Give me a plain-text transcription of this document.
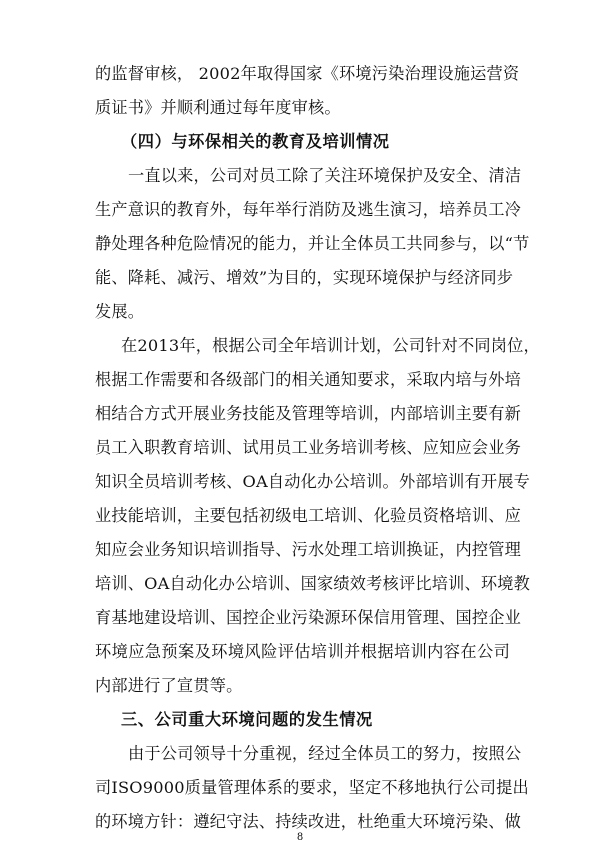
的监督审核， 2002年取得国家《环境污染治理设施运营资
质证书》并顺利通过每年度审核。
（四）与环保相关的教育及培训情况
一直以来，公司对员工除了关注环境保护及安全、清洁
生产意识的教育外，每年举行消防及逃生演习，培养员工冷
静处理各种危险情况的能力，并让全体员工共同参与，以“节
能、降耗、减污、增效”为目的，实现环境保护与经济同步
发展。
在2013年，根据公司全年培训计划，公司针对不同岗位，
根据工作需要和各级部门的相关通知要求，采取内培与外培
相结合方式开展业务技能及管理等培训，内部培训主要有新
员工入职教育培训、试用员工业务培训考核、应知应会业务
知识全员培训考核、OA自动化办公培训。外部培训有开展专
业技能培训，主要包括初级电工培训、化验员资格培训、应
知应会业务知识培训指导、污水处理工培训换证，内控管理
培训、OA自动化办公培训、国家绩效考核评比培训、环境教
育基地建设培训、国控企业污染源环保信用管理、国控企业
环境应急预案及环境风险评估培训并根据培训内容在公司
内部进行了宣贯等。
三、公司重大环境问题的发生情况
由于公司领导十分重视，经过全体员工的努力，按照公
司ISO9000质量管理体系的要求，坚定不移地执行公司提出
的环境方针：遵纪守法、持续改进，杜绝重大环境污染、做
8
